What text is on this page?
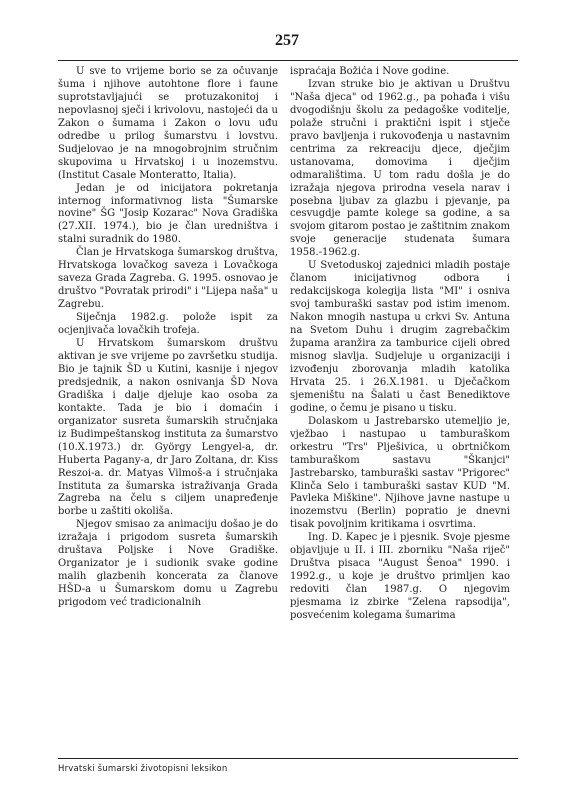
257

U sve to vrijeme borio se za očuvanje šuma i njihove autohtone flore i faune suprotstavljajući se protuzakonitoj i nepovlasnoj sječi i krivolovu, nastojeći da u Zakon o šumama i Zakon o lovu uđu odredbe u prilog šumarstvu i lovstvu. Sudjelovao je na mnogobrojnim stručnim skupovima u Hrvatskoj i u inozemstvu. (Institut Casale Monteratto, Italia).

Jedan je od inicijatora pokretanja internog informativnog lista "Šumarske novine" ŠG "Josip Kozarac" Nova Gradiška (27.XII. 1974.), bio je član uredništva i stalni suradnik do 1980.

Član je Hrvatskoga šumarskog društva, Hrvatskoga lovačkog saveza i Lovačkoga saveza Grada Zagreba. G. 1995. osnovao je društvo "Povratak prirodi" i "Lijepa naša" u Zagrebu.

Siječnja 1982.g. polože ispit za ocjenjivača lovačkih trofeja.

U Hrvatskom šumarskom društvu aktivan je sve vrijeme po završetku studija. Bio je tajnik ŠD u Kutini, kasnije i njegov predsjednik, a nakon osnivanja ŠD Nova Gradiška i dalje djeluje kao osoba za kontakte. Tada je bio i domaćin i organizator susreta šumarskih stručnjaka iz Budimpeštanskog instituta za šumarstvo (10.X.1973.) dr. György Lengyel-a, dr. Huberta Pagany-a, dr Jaro Zoltana, dr. Kiss Reszoi-a. dr. Matyas Vilmoš-a i stručnjaka Instituta za šumarska istraživanja Grada Zagreba na čelu s ciljem unapređenje borbe u zaštiti okoliša.

Njegov smisao za animaciju došao je do izražaja i prigodom susreta šumarskih društava Poljske i Nove Gradiške. Organizator je i sudionik svake godine malih glazbenih koncerata za članove HŠD-a u Šumarskom domu u Zagrebu prigodom već tradicionalnih

ispraćaja Božića i Nove godine.

Izvan struke bio je aktivan u Društvu "Naša djeca" od 1962.g., pa pohađa i višu dvogodišnju školu za pedagoške voditelje, polaže stručni i praktični ispit i stječe pravo bavljenja i rukovođenja u nastavnim centrima za rekreaciju djece, dječjim ustanovama, domovima i dječjim odmaralištima. U tom radu došla je do izražaja njegova prirodna vesela narav i posebna ljubav za glazbu i pjevanje, pa cesvugdje pamte kolege sa godine, a sa svojom gitarom postao je zaštitnim znakom svoje generacije studenata šumara 1958.-1962.g.

U Svetoduskoj zajednici mladih postaje članom inicijativnog odbora i redakcijskoga kolegija lista "MI" i osniva svoj tamburaški sastav pod istim imenom. Nakon mnogih nastupa u crkvi Sv. Antuna na Svetom Duhu i drugim zagrebačkim župama aranžira za tamburice cijeli obred misnog slavlja. Sudjeluje u organizaciji i izvođenju zborovanja mladih katolika Hrvata 25. i 26.X.1981. u Dječačkom sjemeništu na Šalati u čast Benediktove godine, o čemu je pisano u tisku.

Dolaskom u Jastrebarsko utemeljio je, vježbao i nastupao u tamburaškom orkestru "Trs" Plješivica, u obrtničkom tamburaškom sastavu "Škanjci" Jastrebarsko, tamburaški sastav "Prigorec" Klinča Selo i tamburaški sastav KUD "M. Pavlekа Miškinе". Njihove javne nastupe u inozemstvu (Berlin) popratio je dnevni tisak povoljnim kritikama i osvrtima.

Ing. D. Kapec je i pjesnik. Svoje pjesme objavljuje u II. i III. zborniku "Naša riječ" Društva pisaca "August Šenoa" 1990. i 1992.g., u koje je društvo primljen kao redoviti član 1987.g. O njegovim pjesmama iz zbirke "Zelena rapsodija", posvećenim kolegama šumarima

Hrvatski šumarski životopisni leksikon
